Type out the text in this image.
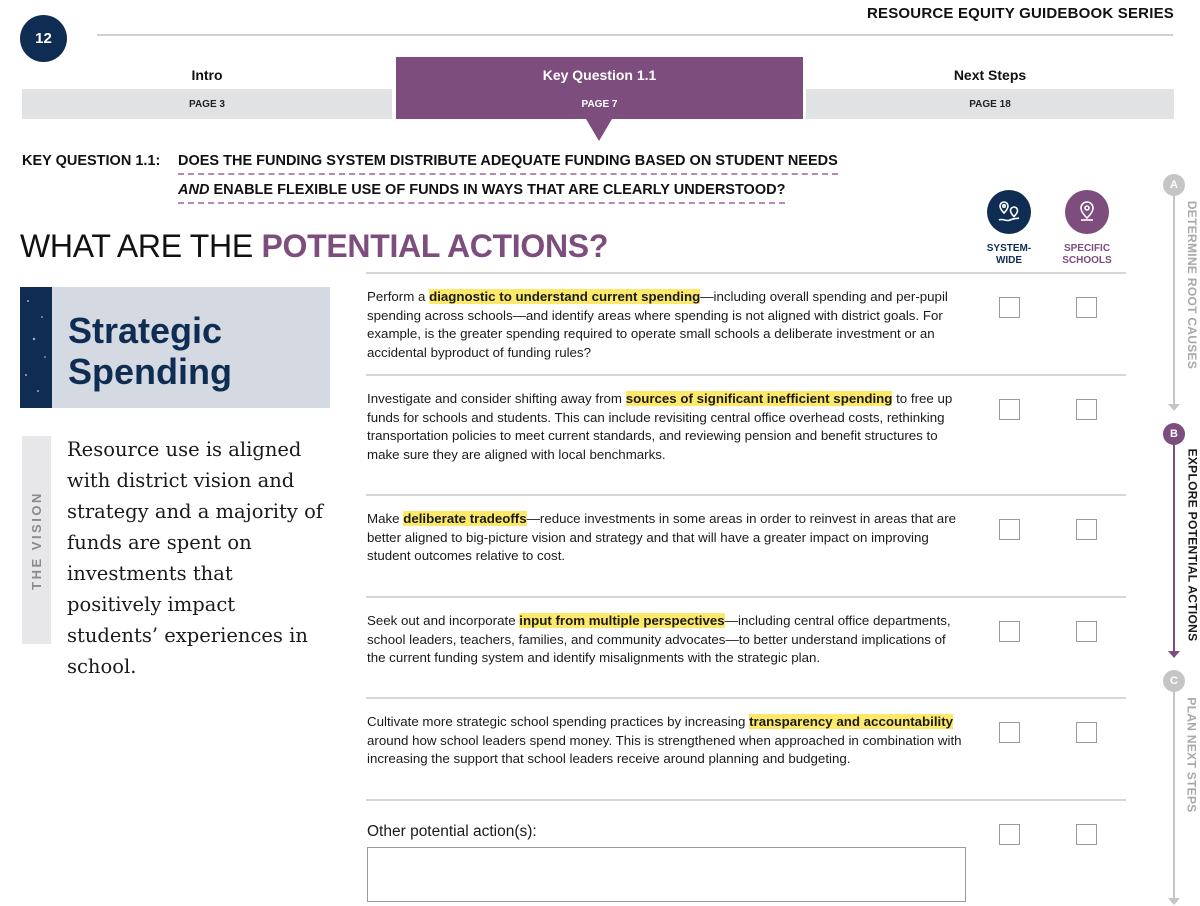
12
RESOURCE EQUITY GUIDEBOOK SERIES
Intro	Key Question 1.1	Next Steps
PAGE 3	PAGE 7	PAGE 18
KEY QUESTION 1.1: DOES THE FUNDING SYSTEM DISTRIBUTE ADEQUATE FUNDING BASED ON STUDENT NEEDS
AND ENABLE FLEXIBLE USE OF FUNDS IN WAYS THAT ARE CLEARLY UNDERSTOOD?
WHAT ARE THE POTENTIAL ACTIONS?	SYSTEM-WIDE
SPECIFIC SCHOOLS
Strategic Spending
THE VISION
Resource use is aligned with district vision and strategy and a majority of funds are spent on investments that positively impact students’ experiences in school.
Perform a diagnostic to understand current spending—including overall spending and per-pupil spending across schools—and identify areas where spending is not aligned with district goals. For example, is the greater spending required to operate small schools a deliberate investment or an accidental byproduct of funding rules?
Investigate and consider shifting away from sources of significant inefficient spending to free up funds for schools and students. This can include revisiting central office overhead costs, rethinking transportation policies to meet current standards, and reviewing pension and benefit structures to make sure they are aligned with local benchmarks.
Make deliberate tradeoffs—reduce investments in some areas in order to reinvest in areas that are better aligned to big-picture vision and strategy and that will have a greater impact on improving student outcomes relative to cost.
Seek out and incorporate input from multiple perspectives—including central office departments, school leaders, teachers, families, and community advocates—to better understand implications of the current funding system and identify misalignments with the strategic plan.
Cultivate more strategic school spending practices by increasing transparency and accountability around how school leaders spend money. This is strengthened when approached in combination with increasing the support that school leaders receive around planning and budgeting.
Other potential action(s):
A
B
C
DETERMINE ROOT CAUSES
EXPLORE POTENTIAL ACTIONS
PLAN NEXT STEPS
